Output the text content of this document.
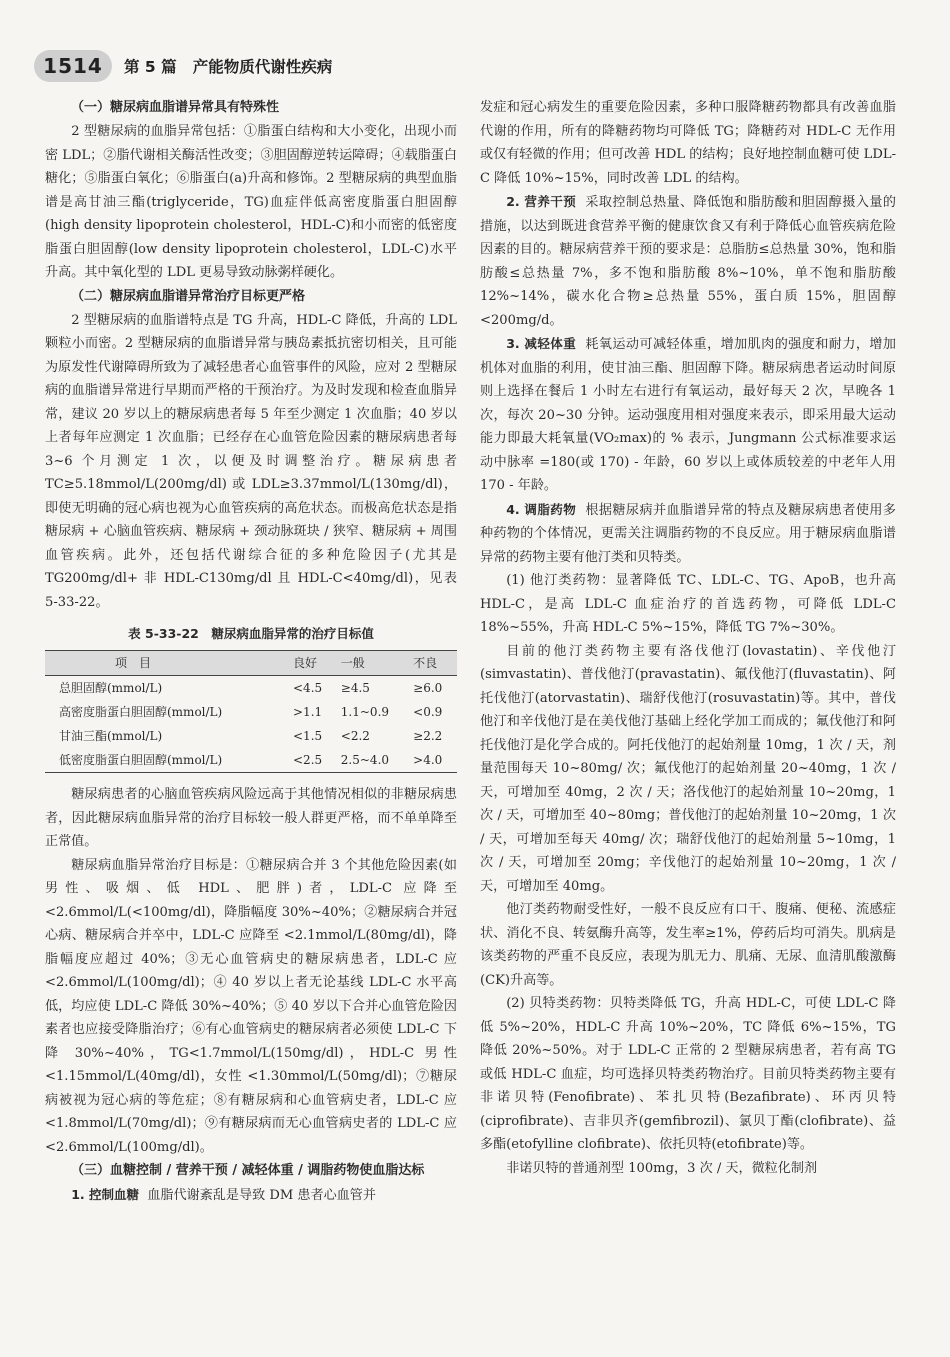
1514	第 5 篇 产能物质代谢性疾病
（一）糖尿病血脂谱异常具有特殊性

2 型糖尿病的血脂异常包括：①脂蛋白结构和大小变化，出现小而密 LDL；②脂代谢相关酶活性改变；③胆固醇逆转运障碍；④载脂蛋白糖化；⑤脂蛋白氧化；⑥脂蛋白(a)升高和修饰。2 型糖尿病的典型血脂谱是高甘油三酯(triglyceride，TG)血症伴低高密度脂蛋白胆固醇(high density lipoprotein cholesterol，HDL-C)和小而密的低密度脂蛋白胆固醇(low density lipoprotein cholesterol，LDL-C)水平升高。其中氧化型的 LDL 更易导致动脉粥样硬化。

（二）糖尿病血脂谱异常治疗目标更严格

2 型糖尿病的血脂谱特点是 TG 升高，HDL-C 降低，升高的 LDL 颗粒小而密。2 型糖尿病的血脂谱异常与胰岛素抵抗密切相关，且可能为原发性代谢障碍所致为了减轻患者心血管事件的风险，应对 2 型糖尿病的血脂谱异常进行早期而严格的干预治疗。为及时发现和检查血脂异常，建议 20 岁以上的糖尿病患者每 5 年至少测定 1 次血脂；40 岁以上者每年应测定 1 次血脂；已经存在心血管危险因素的糖尿病患者每 3~6 个月测定 1 次，以便及时调整治疗。糖尿病患者 TC≥5.18mmol/L(200mg/dl) 或 LDL≥3.37mmol/L(130mg/dl)，即使无明确的冠心病也视为心血管疾病的高危状态。而极高危状态是指糖尿病 + 心脑血管疾病、糖尿病 + 颈动脉斑块 / 狭窄、糖尿病 + 周围血管疾病。此外，还包括代谢综合征的多种危险因子(尤其是 TG200mg/dl+ 非 HDL-C130mg/dl 且 HDL-C<40mg/dl)，见表 5-33-22。

表 5-33-22　糖尿病血脂异常的治疗目标值
项　目	良好	一般	不良
总胆固醇(mmol/L)	<4.5	≥4.5	≥6.0
高密度脂蛋白胆固醇(mmol/L)	>1.1	1.1~0.9	<0.9
甘油三酯(mmol/L)	<1.5	<2.2	≥2.2
低密度脂蛋白胆固醇(mmol/L)	<2.5	2.5~4.0	>4.0

糖尿病患者的心脑血管疾病风险远高于其他情况相似的非糖尿病患者，因此糖尿病血脂异常的治疗目标较一般人群更严格，而不单单降至正常值。

糖尿病血脂异常治疗目标是：①糖尿病合并 3 个其他危险因素(如男性、吸烟、低 HDL、肥胖)者，LDL-C 应降至 <2.6mmol/L(<100mg/dl)，降脂幅度 30%~40%；②糖尿病合并冠心病、糖尿病合并卒中，LDL-C 应降至 <2.1mmol/L(80mg/dl)，降脂幅度应超过 40%；③无心血管病史的糖尿病患者，LDL-C 应 <2.6mmol/L(100mg/dl)；④ 40 岁以上者无论基线 LDL-C 水平高低，均应使 LDL-C 降低 30%~40%；⑤ 40 岁以下合并心血管危险因素者也应接受降脂治疗；⑥有心血管病史的糖尿病者必须使 LDL-C 下降 30%~40%，TG<1.7mmol/L(150mg/dl)，HDL-C 男性 <1.15mmol/L(40mg/dl)，女性 <1.30mmol/L(50mg/dl)；⑦糖尿病被视为冠心病的等危症；⑧有糖尿病和心血管病史者，LDL-C 应 <1.8mmol/L(70mg/dl)；⑨有糖尿病而无心血管病史者的 LDL-C 应 <2.6mmol/L(100mg/dl)。

（三）血糖控制 / 营养干预 / 减轻体重 / 调脂药物使血脂达标

1. 控制血糖 血脂代谢紊乱是导致 DM 患者心血管并

发症和冠心病发生的重要危险因素，多种口服降糖药物都具有改善血脂代谢的作用，所有的降糖药物均可降低 TG；降糖药对 HDL-C 无作用或仅有轻微的作用；但可改善 HDL 的结构；良好地控制血糖可使 LDL-C 降低 10%~15%，同时改善 LDL 的结构。

2. 营养干预 采取控制总热量、降低饱和脂肪酸和胆固醇摄入量的措施，以达到既进食营养平衡的健康饮食又有利于降低心血管疾病危险因素的目的。糖尿病营养干预的要求是：总脂肪≤总热量 30%，饱和脂肪酸≤总热量 7%，多不饱和脂肪酸 8%~10%，单不饱和脂肪酸 12%~14%，碳水化合物≥总热量 55%，蛋白质 15%，胆固醇 <200mg/d。

3. 减轻体重 耗氧运动可减轻体重，增加肌肉的强度和耐力，增加机体对血脂的利用，使甘油三酯、胆固醇下降。糖尿病患者运动时间原则上选择在餐后 1 小时左右进行有氧运动，最好每天 2 次，早晚各 1 次，每次 20~30 分钟。运动强度用相对强度来表示，即采用最大运动能力即最大耗氧量(VO₂max)的 % 表示，Jungmann 公式标准要求运动中脉率 =180(或 170) - 年龄，60 岁以上或体质较差的中老年人用 170 - 年龄。

4. 调脂药物 根据糖尿病并血脂谱异常的特点及糖尿病患者使用多种药物的个体情况，更需关注调脂药物的不良反应。用于糖尿病血脂谱异常的药物主要有他汀类和贝特类。

(1) 他汀类药物：显著降低 TC、LDL-C、TG、ApoB，也升高 HDL-C，是高 LDL-C 血症治疗的首选药物，可降低 LDL-C 18%~55%，升高 HDL-C 5%~15%，降低 TG 7%~30%。

目前的他汀类药物主要有洛伐他汀(lovastatin)、辛伐他汀(simvastatin)、普伐他汀(pravastatin)、氟伐他汀(fluvastatin)、阿托伐他汀(atorvastatin)、瑞舒伐他汀(rosuvastatin)等。其中，普伐他汀和辛伐他汀是在美伐他汀基础上经化学加工而成的；氟伐他汀和阿托伐他汀是化学合成的。阿托伐他汀的起始剂量 10mg，1 次 / 天，剂量范围每天 10~80mg/ 次；氟伐他汀的起始剂量 20~40mg，1 次 / 天，可增加至 40mg，2 次 / 天；洛伐他汀的起始剂量 10~20mg，1 次 / 天，可增加至 40~80mg；普伐他汀的起始剂量 10~20mg，1 次 / 天，可增加至每天 40mg/ 次；瑞舒伐他汀的起始剂量 5~10mg，1 次 / 天，可增加至 20mg；辛伐他汀的起始剂量 10~20mg，1 次 / 天，可增加至 40mg。

他汀类药物耐受性好，一般不良反应有口干、腹痛、便秘、流感症状、消化不良、转氨酶升高等，发生率≥1%，停药后均可消失。肌病是该类药物的严重不良反应，表现为肌无力、肌痛、无尿、血清肌酸激酶(CK)升高等。

(2) 贝特类药物：贝特类降低 TG，升高 HDL-C，可使 LDL-C 降低 5%~20%，HDL-C 升高 10%~20%，TC 降低 6%~15%，TG 降低 20%~50%。对于 LDL-C 正常的 2 型糖尿病患者，若有高 TG 或低 HDL-C 血症，均可选择贝特类药物治疗。目前贝特类药物主要有非诺贝特(Fenofibrate)、苯扎贝特(Bezafibrate)、环丙贝特(ciprofibrate)、吉非贝齐(gemfibrozil)、氯贝丁酯(clofibrate)、益多酯(etofylline clofibrate)、依托贝特(etofibrate)等。

非诺贝特的普通剂型 100mg，3 次 / 天，微粒化制剂
